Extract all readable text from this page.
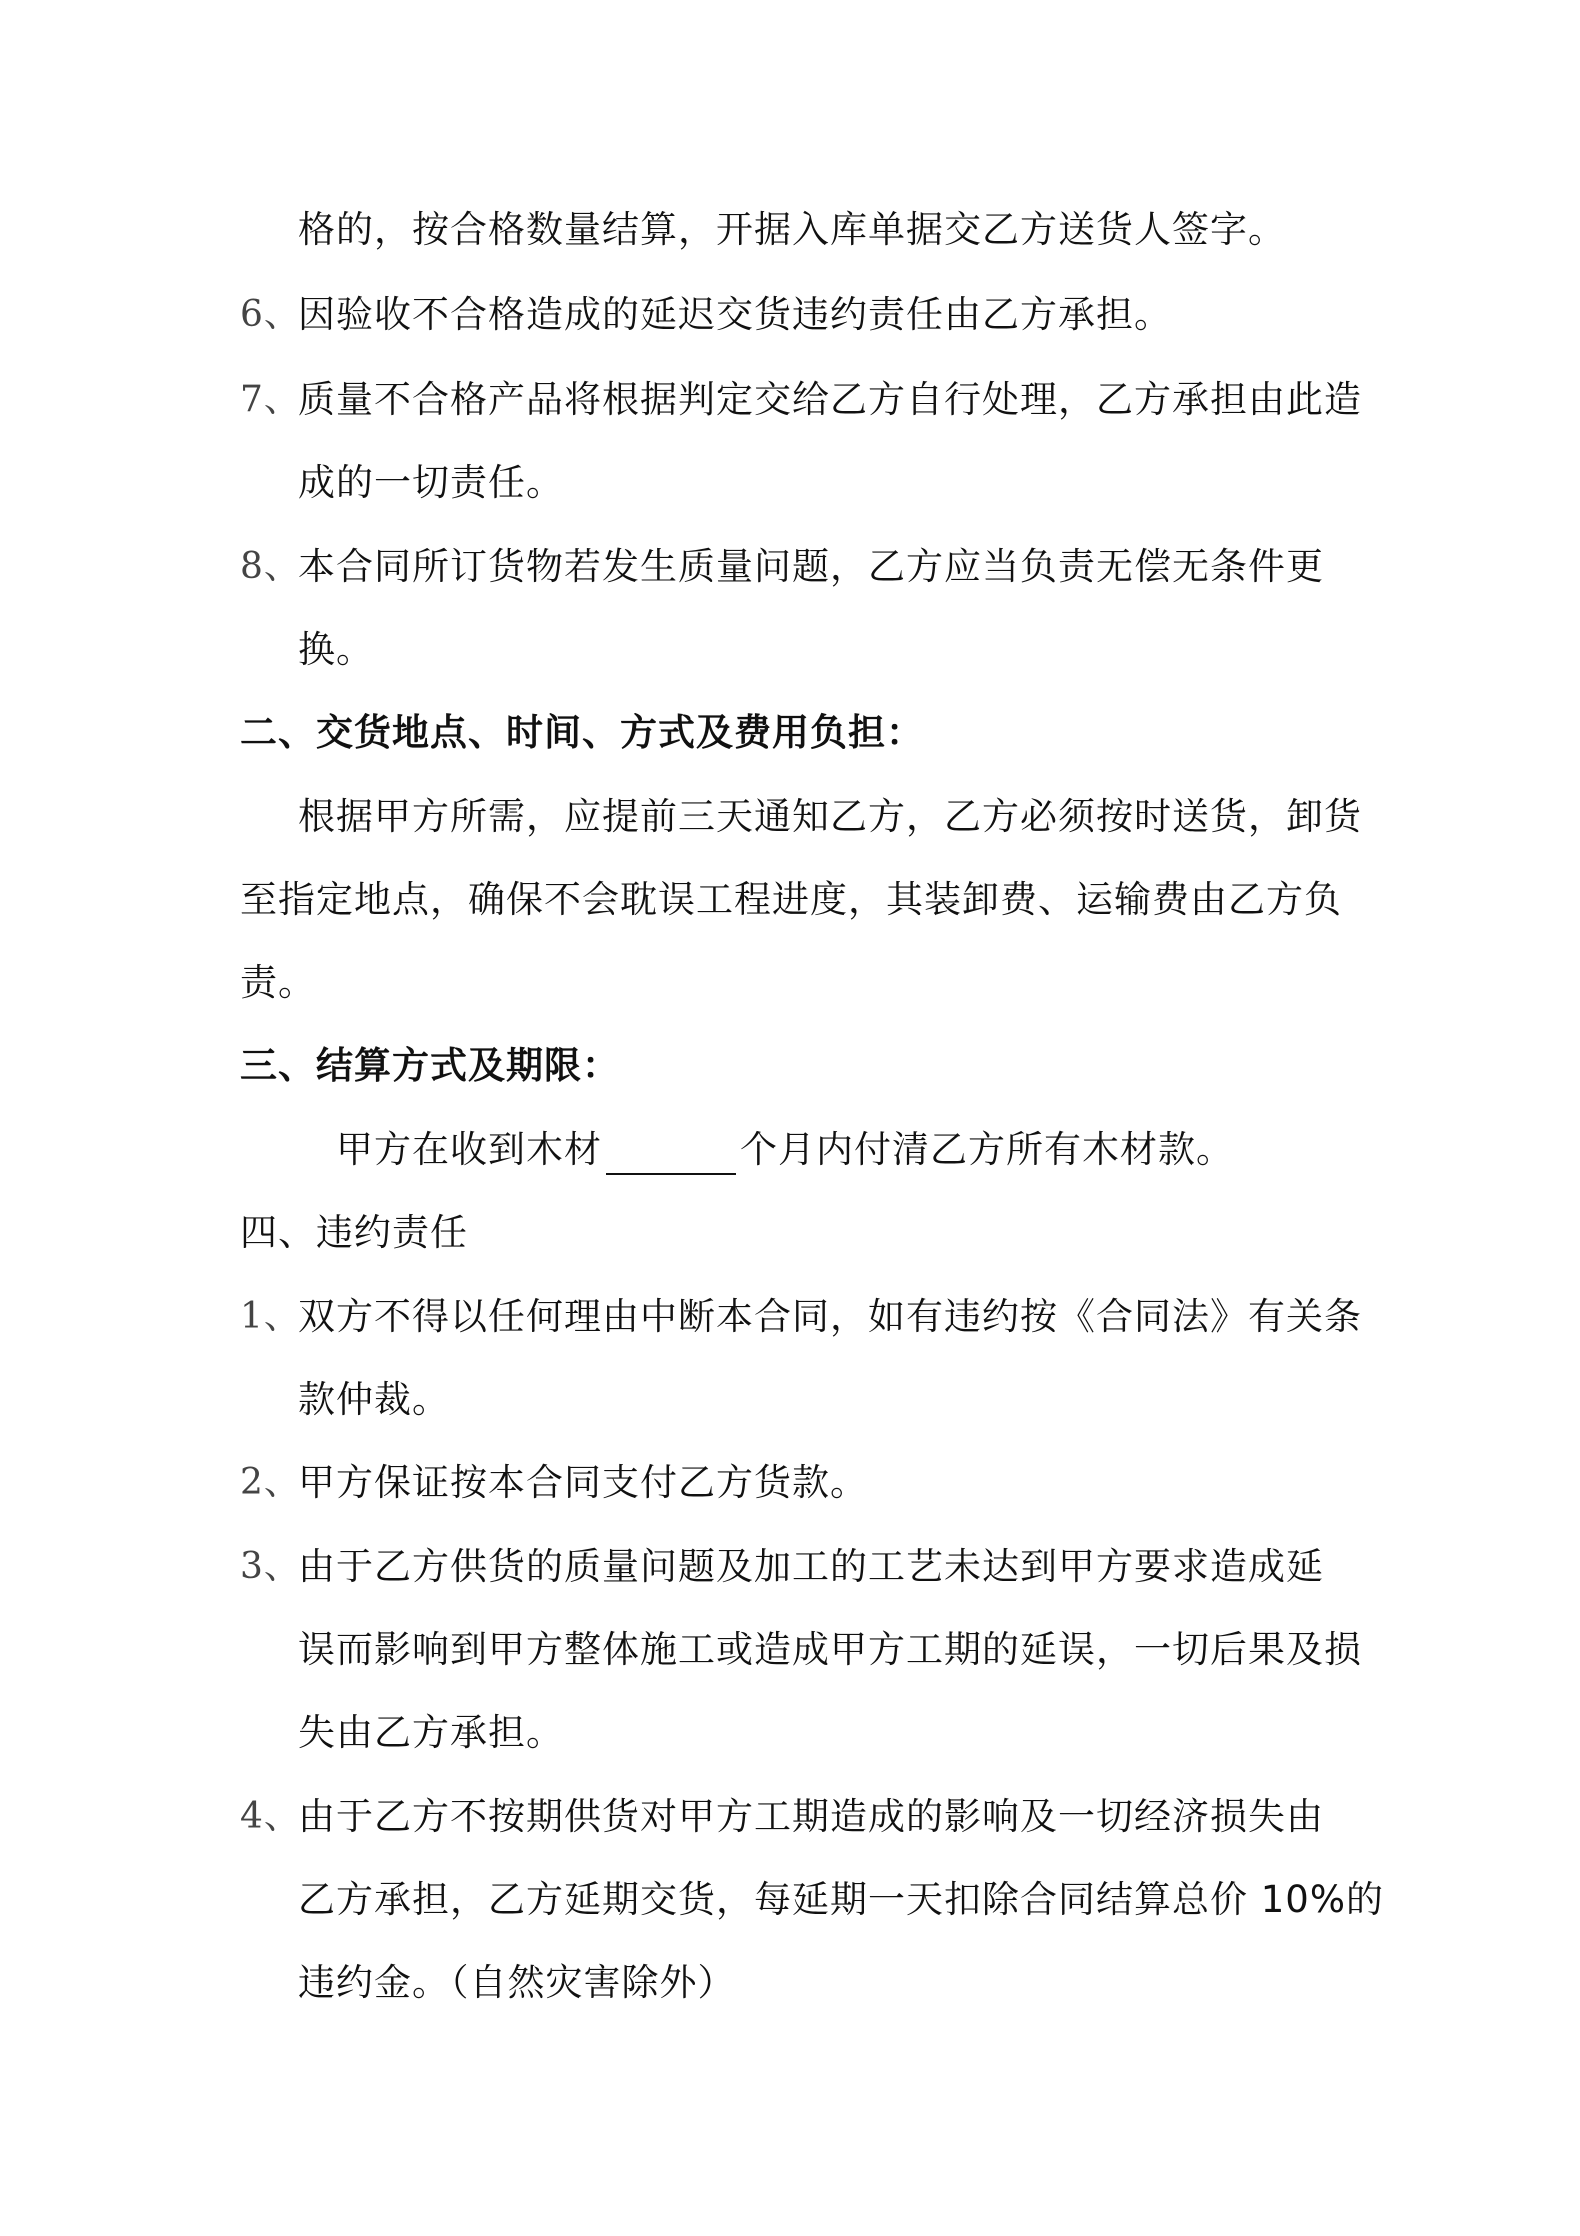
格的，按合格数量结算，开据入库单据交乙方送货人签字。
6、
因验收不合格造成的延迟交货违约责任由乙方承担。
7、
质量不合格产品将根据判定交给乙方自行处理，乙方承担由此造
成的一切责任。
8、
本合同所订货物若发生质量问题，乙方应当负责无偿无条件更
换。
二、交货地点、时间、方式及费用负担：
根据甲方所需，应提前三天通知乙方，乙方必须按时送货，卸货
至指定地点，确保不会耽误工程进度，其装卸费、运输费由乙方负
责。
三、结算方式及期限：
甲方在收到木材	个月内付清乙方所有木材款。
四、违约责任
1、
双方不得以任何理由中断本合同，如有违约按《合同法》有关条
款仲裁。
2、
甲方保证按本合同支付乙方货款。
3、
由于乙方供货的质量问题及加工的工艺未达到甲方要求造成延
误而影响到甲方整体施工或造成甲方工期的延误，一切后果及损
失由乙方承担。
4、
由于乙方不按期供货对甲方工期造成的影响及一切经济损失由
乙方承担，乙方延期交货，每延期一天扣除合同结算总价 10%的
违约金。（自然灾害除外）
